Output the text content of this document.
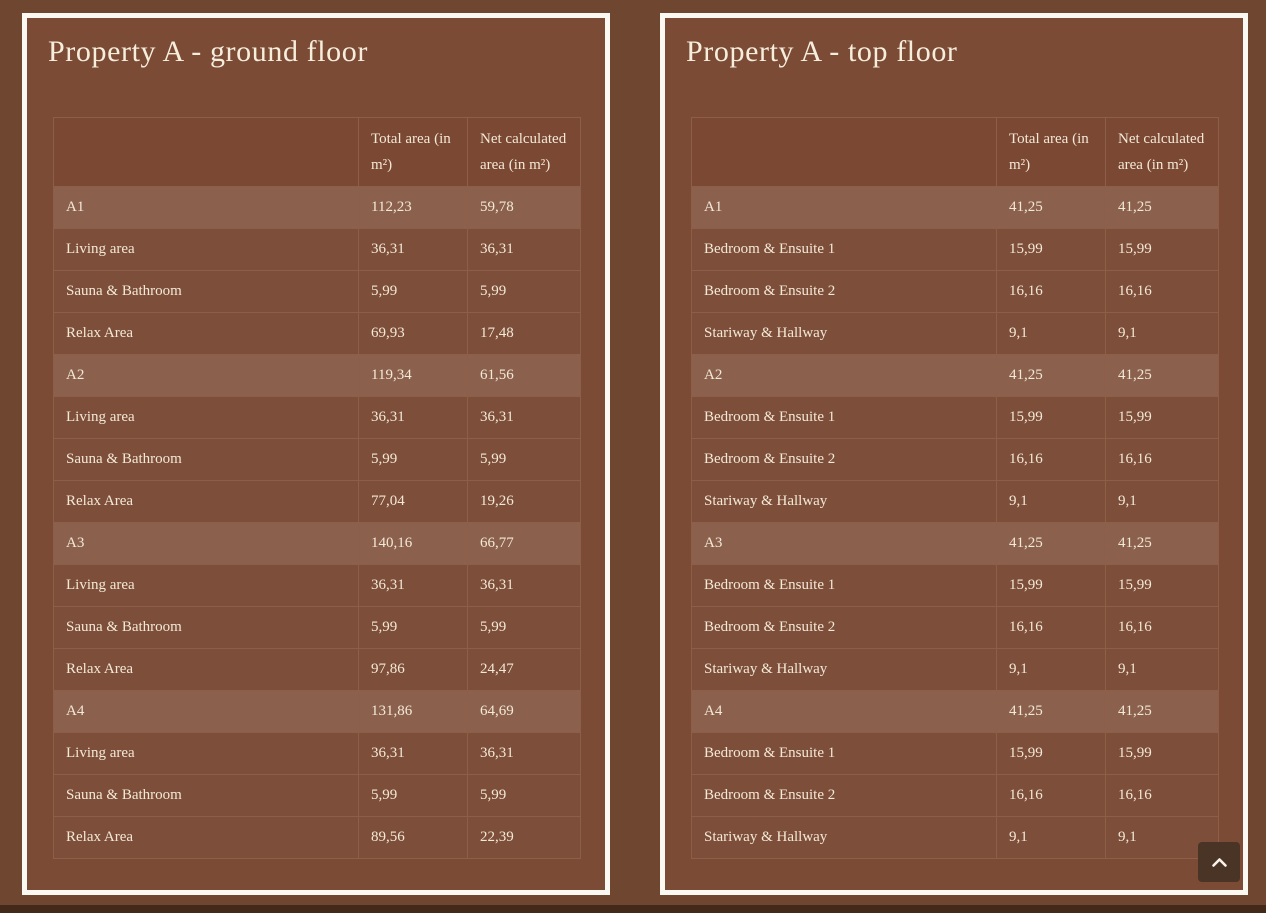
Property A - ground floor
	Total area (in m²)	Net calculated area (in m²)
A1	112,23	59,78
Living area	36,31	36,31
Sauna & Bathroom	5,99	5,99
Relax Area	69,93	17,48
A2	119,34	61,56
Living area	36,31	36,31
Sauna & Bathroom	5,99	5,99
Relax Area	77,04	19,26
A3	140,16	66,77
Living area	36,31	36,31
Sauna & Bathroom	5,99	5,99
Relax Area	97,86	24,47
A4	131,86	64,69
Living area	36,31	36,31
Sauna & Bathroom	5,99	5,99
Relax Area	89,56	22,39
Property A - top floor
	Total area (in m²)	Net calculated area (in m²)
A1	41,25	41,25
Bedroom & Ensuite 1	15,99	15,99
Bedroom & Ensuite 2	16,16	16,16
Stariway & Hallway	9,1	9,1
A2	41,25	41,25
Bedroom & Ensuite 1	15,99	15,99
Bedroom & Ensuite 2	16,16	16,16
Stariway & Hallway	9,1	9,1
A3	41,25	41,25
Bedroom & Ensuite 1	15,99	15,99
Bedroom & Ensuite 2	16,16	16,16
Stariway & Hallway	9,1	9,1
A4	41,25	41,25
Bedroom & Ensuite 1	15,99	15,99
Bedroom & Ensuite 2	16,16	16,16
Stariway & Hallway	9,1	9,1
